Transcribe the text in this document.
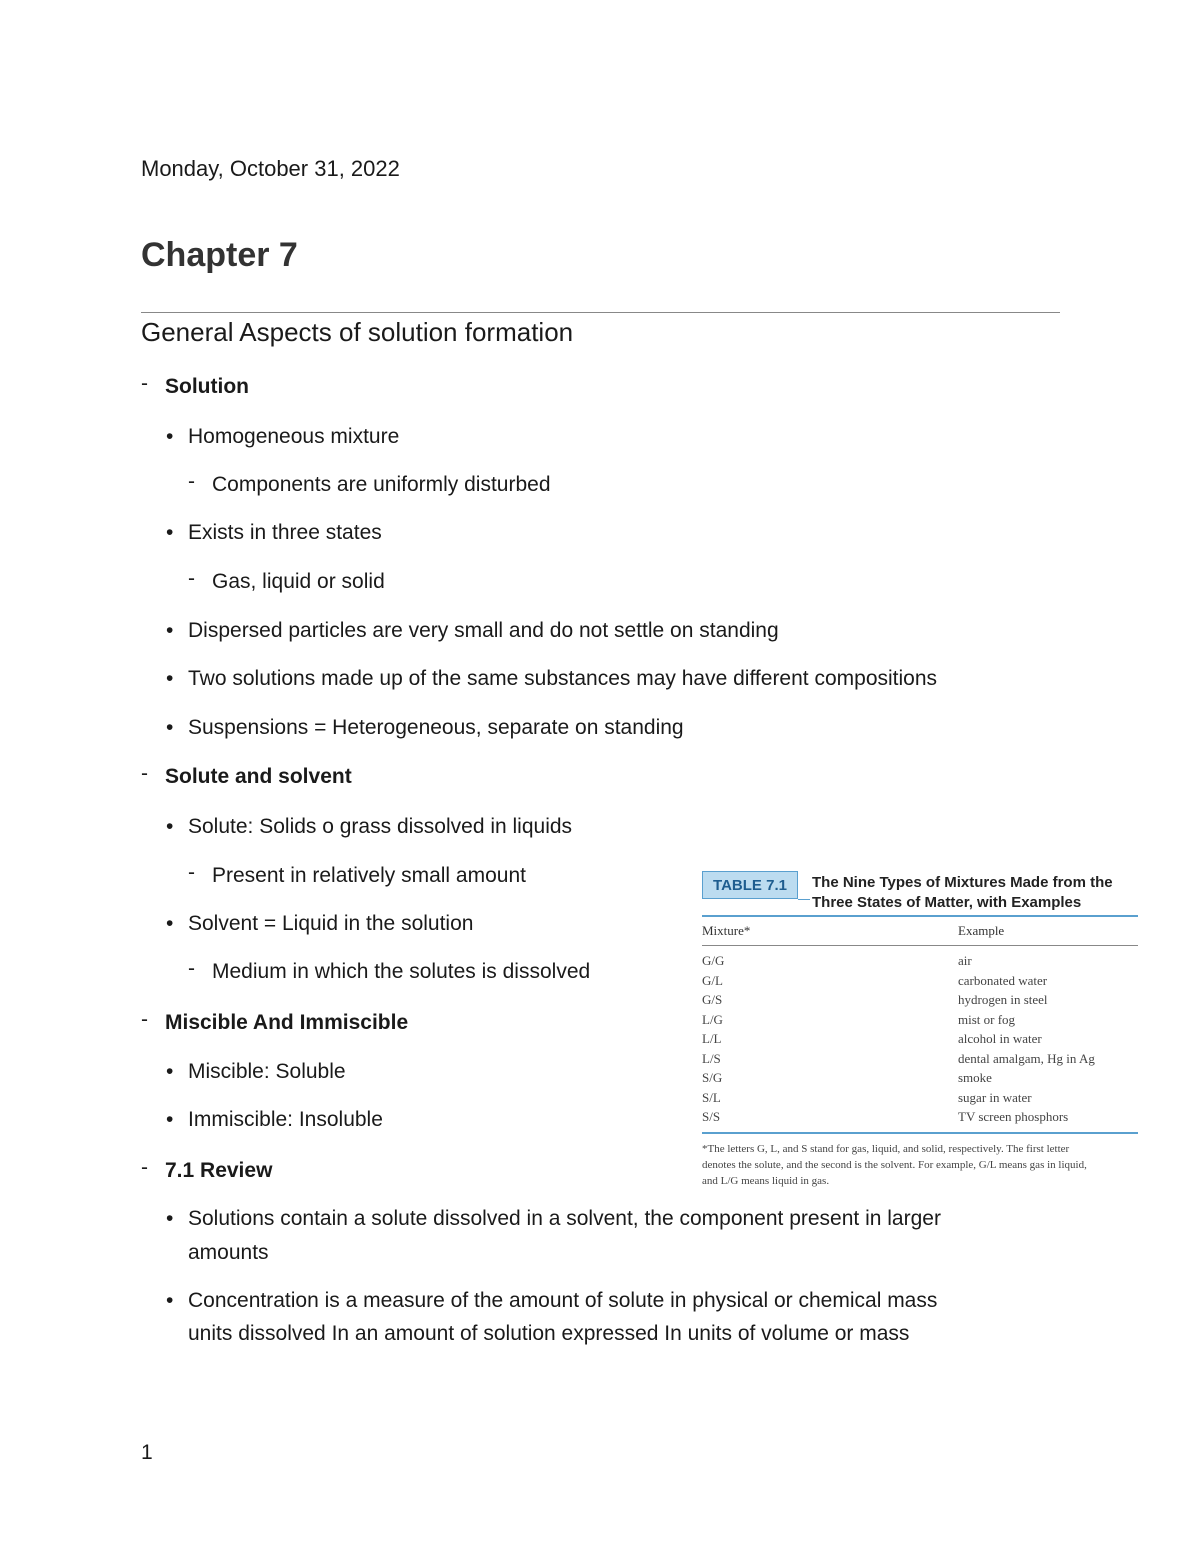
Monday, October 31, 2022
Chapter 7
General Aspects of solution formation
- Solution
• Homogeneous mixture
- Components are uniformly disturbed
• Exists in three states
- Gas, liquid or solid
• Dispersed particles are very small and do not settle on standing
• Two solutions made up of the same substances may have different compositions
• Suspensions = Heterogeneous, separate on standing
- Solute and solvent
• Solute: Solids o grass dissolved in liquids
- Present in relatively small amount
• Solvent = Liquid in the solution
- Medium in which the solutes is dissolved
- Miscible And Immiscible
• Miscible: Soluble
• Immiscible: Insoluble
- 7.1 Review
• Solutions contain a solute dissolved in a solvent, the component present in larger
amounts
• Concentration is a measure of the amount of solute in physical or chemical mass
units dissolved In an amount of solution expressed In units of volume or mass
TABLE 7.1	The Nine Types of Mixtures Made from the Three States of Matter, with Examples
Mixture*	Example
G/G	air
G/L	carbonated water
G/S	hydrogen in steel
L/G	mist or fog
L/L	alcohol in water
L/S	dental amalgam, Hg in Ag
S/G	smoke
S/L	sugar in water
S/S	TV screen phosphors
*The letters G, L, and S stand for gas, liquid, and solid, respectively. The first letter denotes the solute, and the second is the solvent. For example, G/L means gas in liquid, and L/G means liquid in gas.
1
